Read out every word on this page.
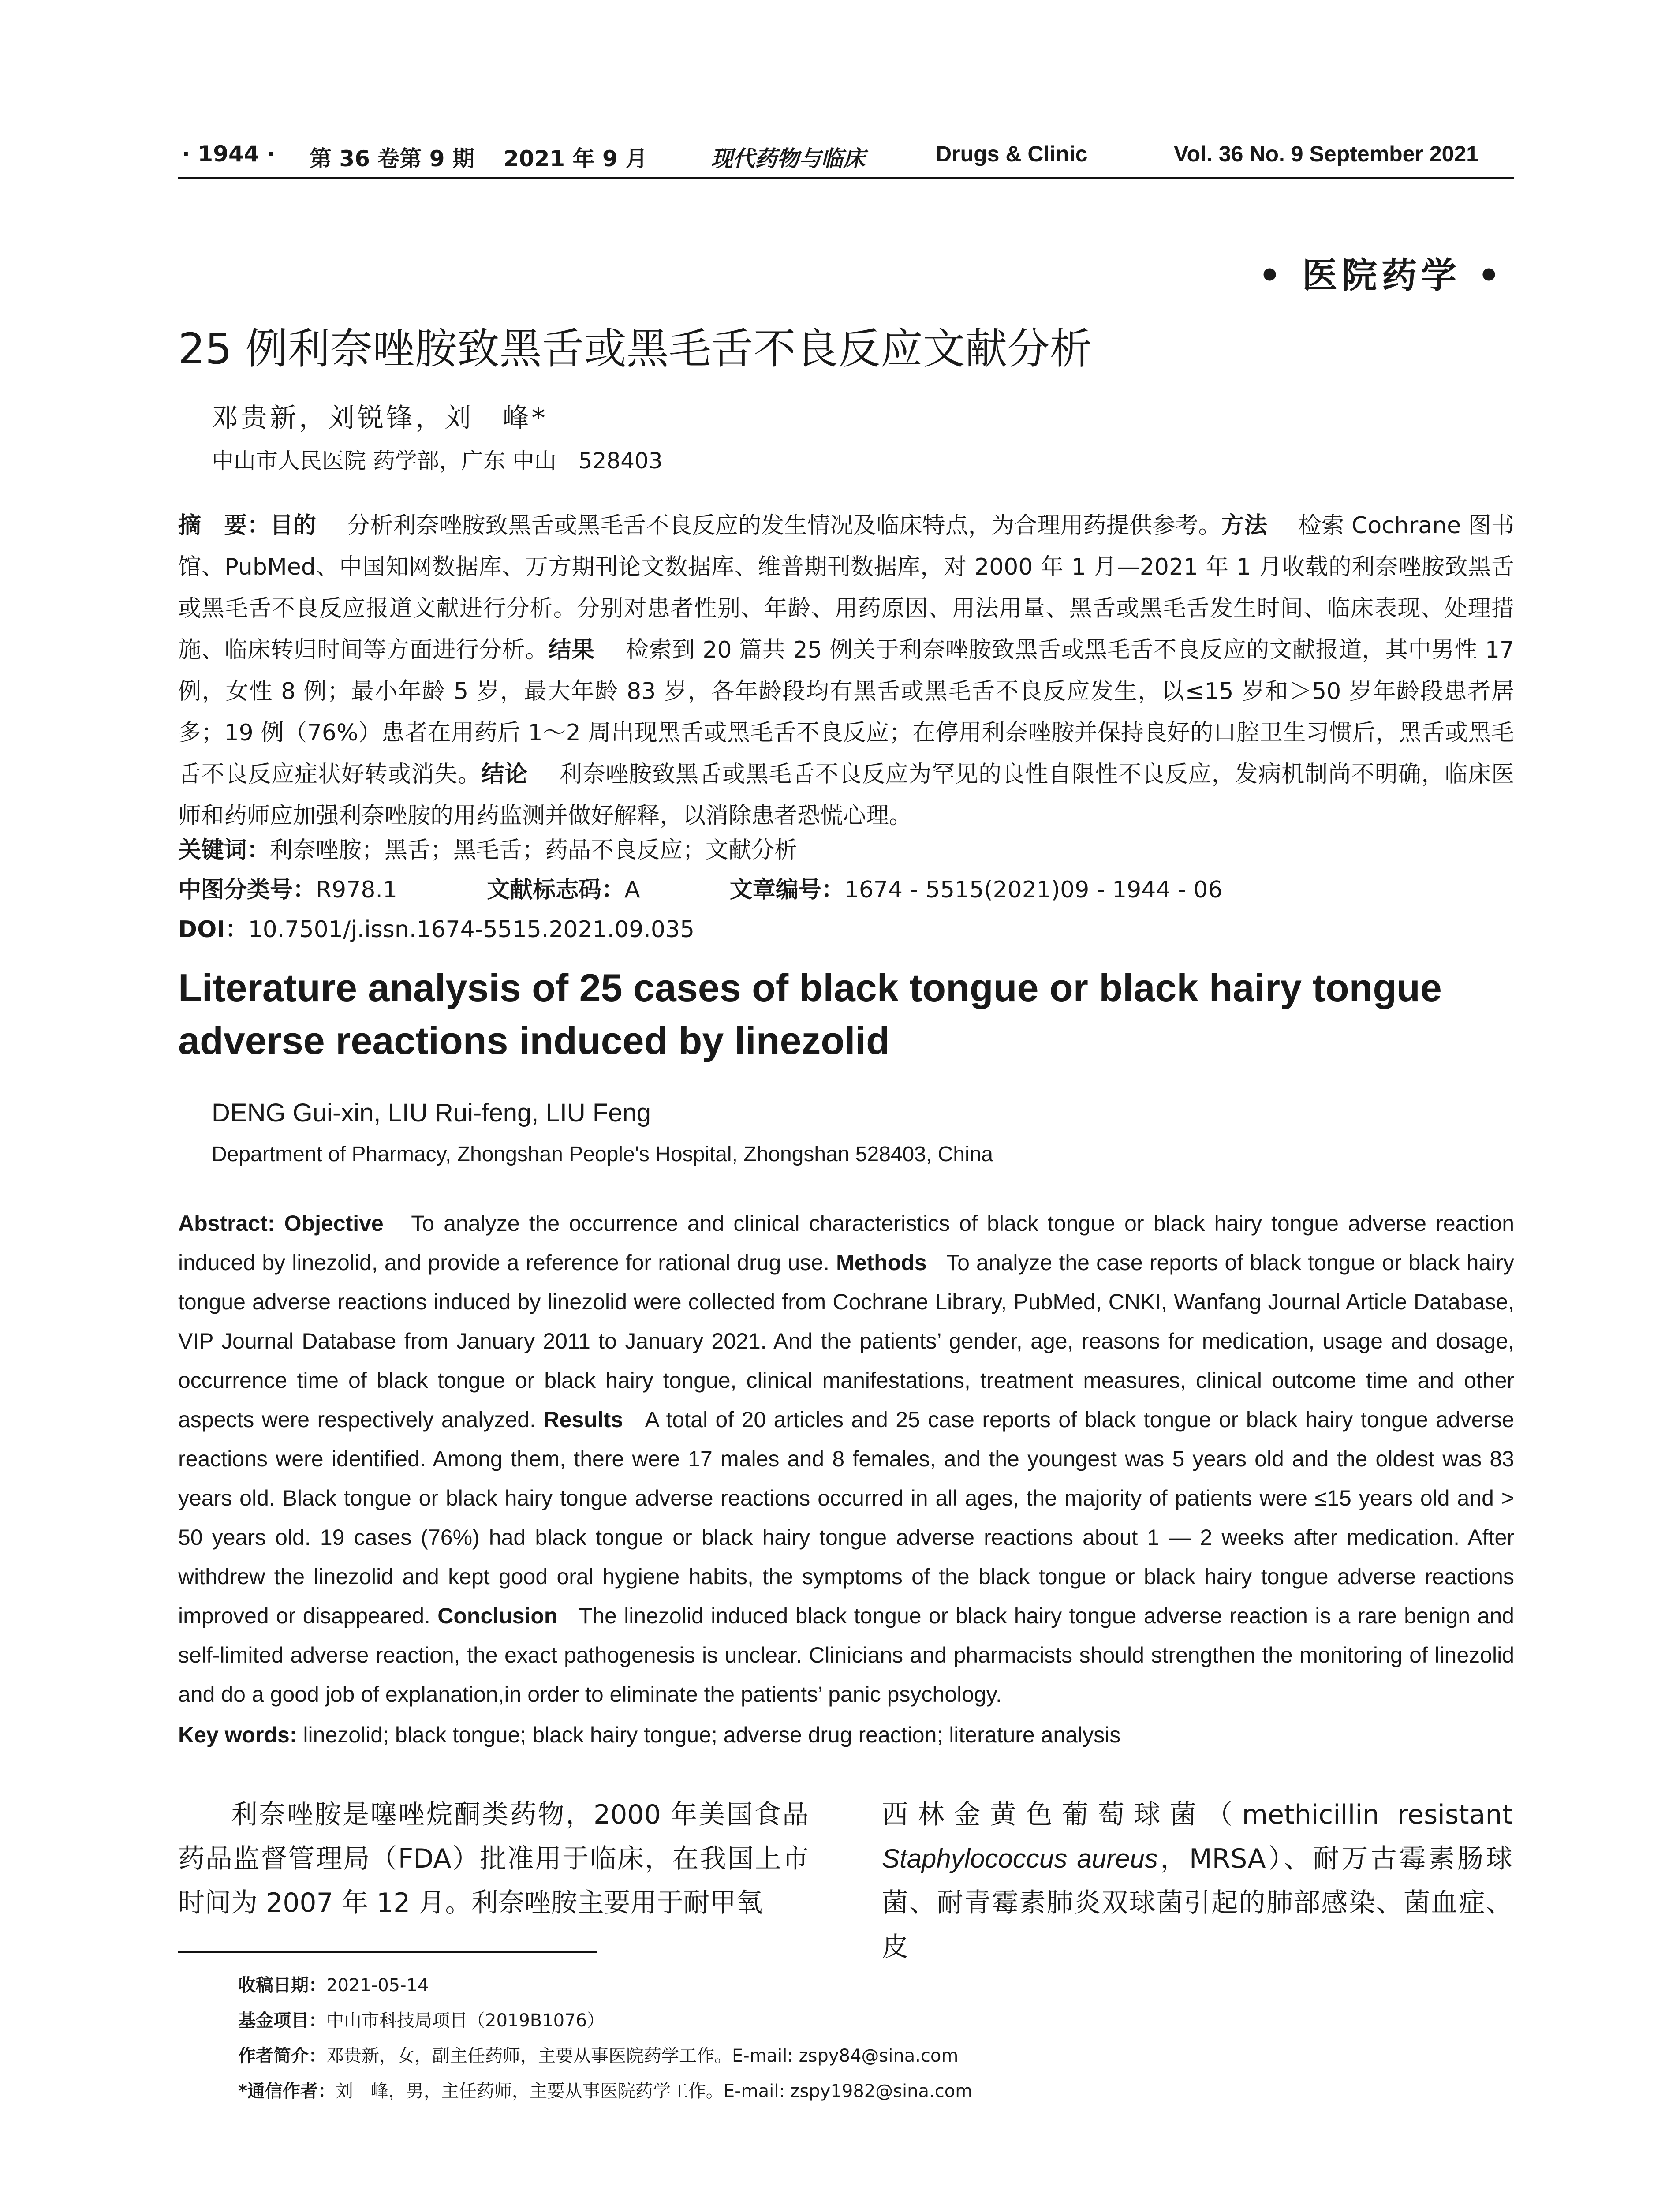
· 1944 · 第 36 卷第 9 期 2021 年 9 月	现代药物与临床	Drugs & Clinic	Vol. 36 No. 9 September 2021
• 医院药学 •
25 例利奈唑胺致黑舌或黑毛舌不良反应文献分析
邓贵新，刘锐锋，刘　峰*
中山市人民医院 药学部，广东 中山　528403
摘　要：目的 分析利奈唑胺致黑舌或黑毛舌不良反应的发生情况及临床特点，为合理用药提供参考。方法 检索 Cochrane 图书馆、PubMed、中国知网数据库、万方期刊论文数据库、维普期刊数据库，对 2000 年 1 月—2021 年 1 月收载的利奈唑胺致黑舌或黑毛舌不良反应报道文献进行分析。分别对患者性别、年龄、用药原因、用法用量、黑舌或黑毛舌发生时间、临床表现、处理措施、临床转归时间等方面进行分析。结果 检索到 20 篇共 25 例关于利奈唑胺致黑舌或黑毛舌不良反应的文献报道，其中男性 17 例，女性 8 例；最小年龄 5 岁，最大年龄 83 岁，各年龄段均有黑舌或黑毛舌不良反应发生，以≤15 岁和＞50 岁年龄段患者居多；19 例（76%）患者在用药后 1～2 周出现黑舌或黑毛舌不良反应；在停用利奈唑胺并保持良好的口腔卫生习惯后，黑舌或黑毛舌不良反应症状好转或消失。结论 利奈唑胺致黑舌或黑毛舌不良反应为罕见的良性自限性不良反应，发病机制尚不明确，临床医师和药师应加强利奈唑胺的用药监测并做好解释，以消除患者恐慌心理。
关键词：利奈唑胺；黑舌；黑毛舌；药品不良反应；文献分析
中图分类号：R978.1	文献标志码：A	文章编号：1674 - 5515(2021)09 - 1944 - 06
DOI：10.7501/j.issn.1674-5515.2021.09.035
Literature analysis of 25 cases of black tongue or black hairy tongue adverse reactions induced by linezolid
DENG Gui-xin, LIU Rui-feng, LIU Feng
Department of Pharmacy, Zhongshan People's Hospital, Zhongshan 528403, China
Abstract: Objective To analyze the occurrence and clinical characteristics of black tongue or black hairy tongue adverse reaction induced by linezolid, and provide a reference for rational drug use. Methods To analyze the case reports of black tongue or black hairy tongue adverse reactions induced by linezolid were collected from Cochrane Library, PubMed, CNKI, Wanfang Journal Article Database, VIP Journal Database from January 2011 to January 2021. And the patients’ gender, age, reasons for medication, usage and dosage, occurrence time of black tongue or black hairy tongue, clinical manifestations, treatment measures, clinical outcome time and other aspects were respectively analyzed. Results A total of 20 articles and 25 case reports of black tongue or black hairy tongue adverse reactions were identified. Among them, there were 17 males and 8 females, and the youngest was 5 years old and the oldest was 83 years old. Black tongue or black hairy tongue adverse reactions occurred in all ages, the majority of patients were ≤15 years old and > 50 years old. 19 cases (76%) had black tongue or black hairy tongue adverse reactions about 1 — 2 weeks after medication. After withdrew the linezolid and kept good oral hygiene habits, the symptoms of the black tongue or black hairy tongue adverse reactions improved or disappeared. Conclusion The linezolid induced black tongue or black hairy tongue adverse reaction is a rare benign and self-limited adverse reaction, the exact pathogenesis is unclear. Clinicians and pharmacists should strengthen the monitoring of linezolid and do a good job of explanation,in order to eliminate the patients’ panic psychology.
Key words: linezolid; black tongue; black hairy tongue; adverse drug reaction; literature analysis
利奈唑胺是噻唑烷酮类药物，2000 年美国食品药品监督管理局（FDA）批准用于临床，在我国上市时间为 2007 年 12 月。利奈唑胺主要用于耐甲氧
西林金黄色葡萄球菌（methicillin resistant Staphylococcus aureus，MRSA）、耐万古霉素肠球菌、耐青霉素肺炎双球菌引起的肺部感染、菌血症、皮
收稿日期：2021-05-14
基金项目：中山市科技局项目（2019B1076）
作者简介：邓贵新，女，副主任药师，主要从事医院药学工作。E-mail: zspy84@sina.com
*通信作者：刘　峰，男，主任药师，主要从事医院药学工作。E-mail: zspy1982@sina.com
